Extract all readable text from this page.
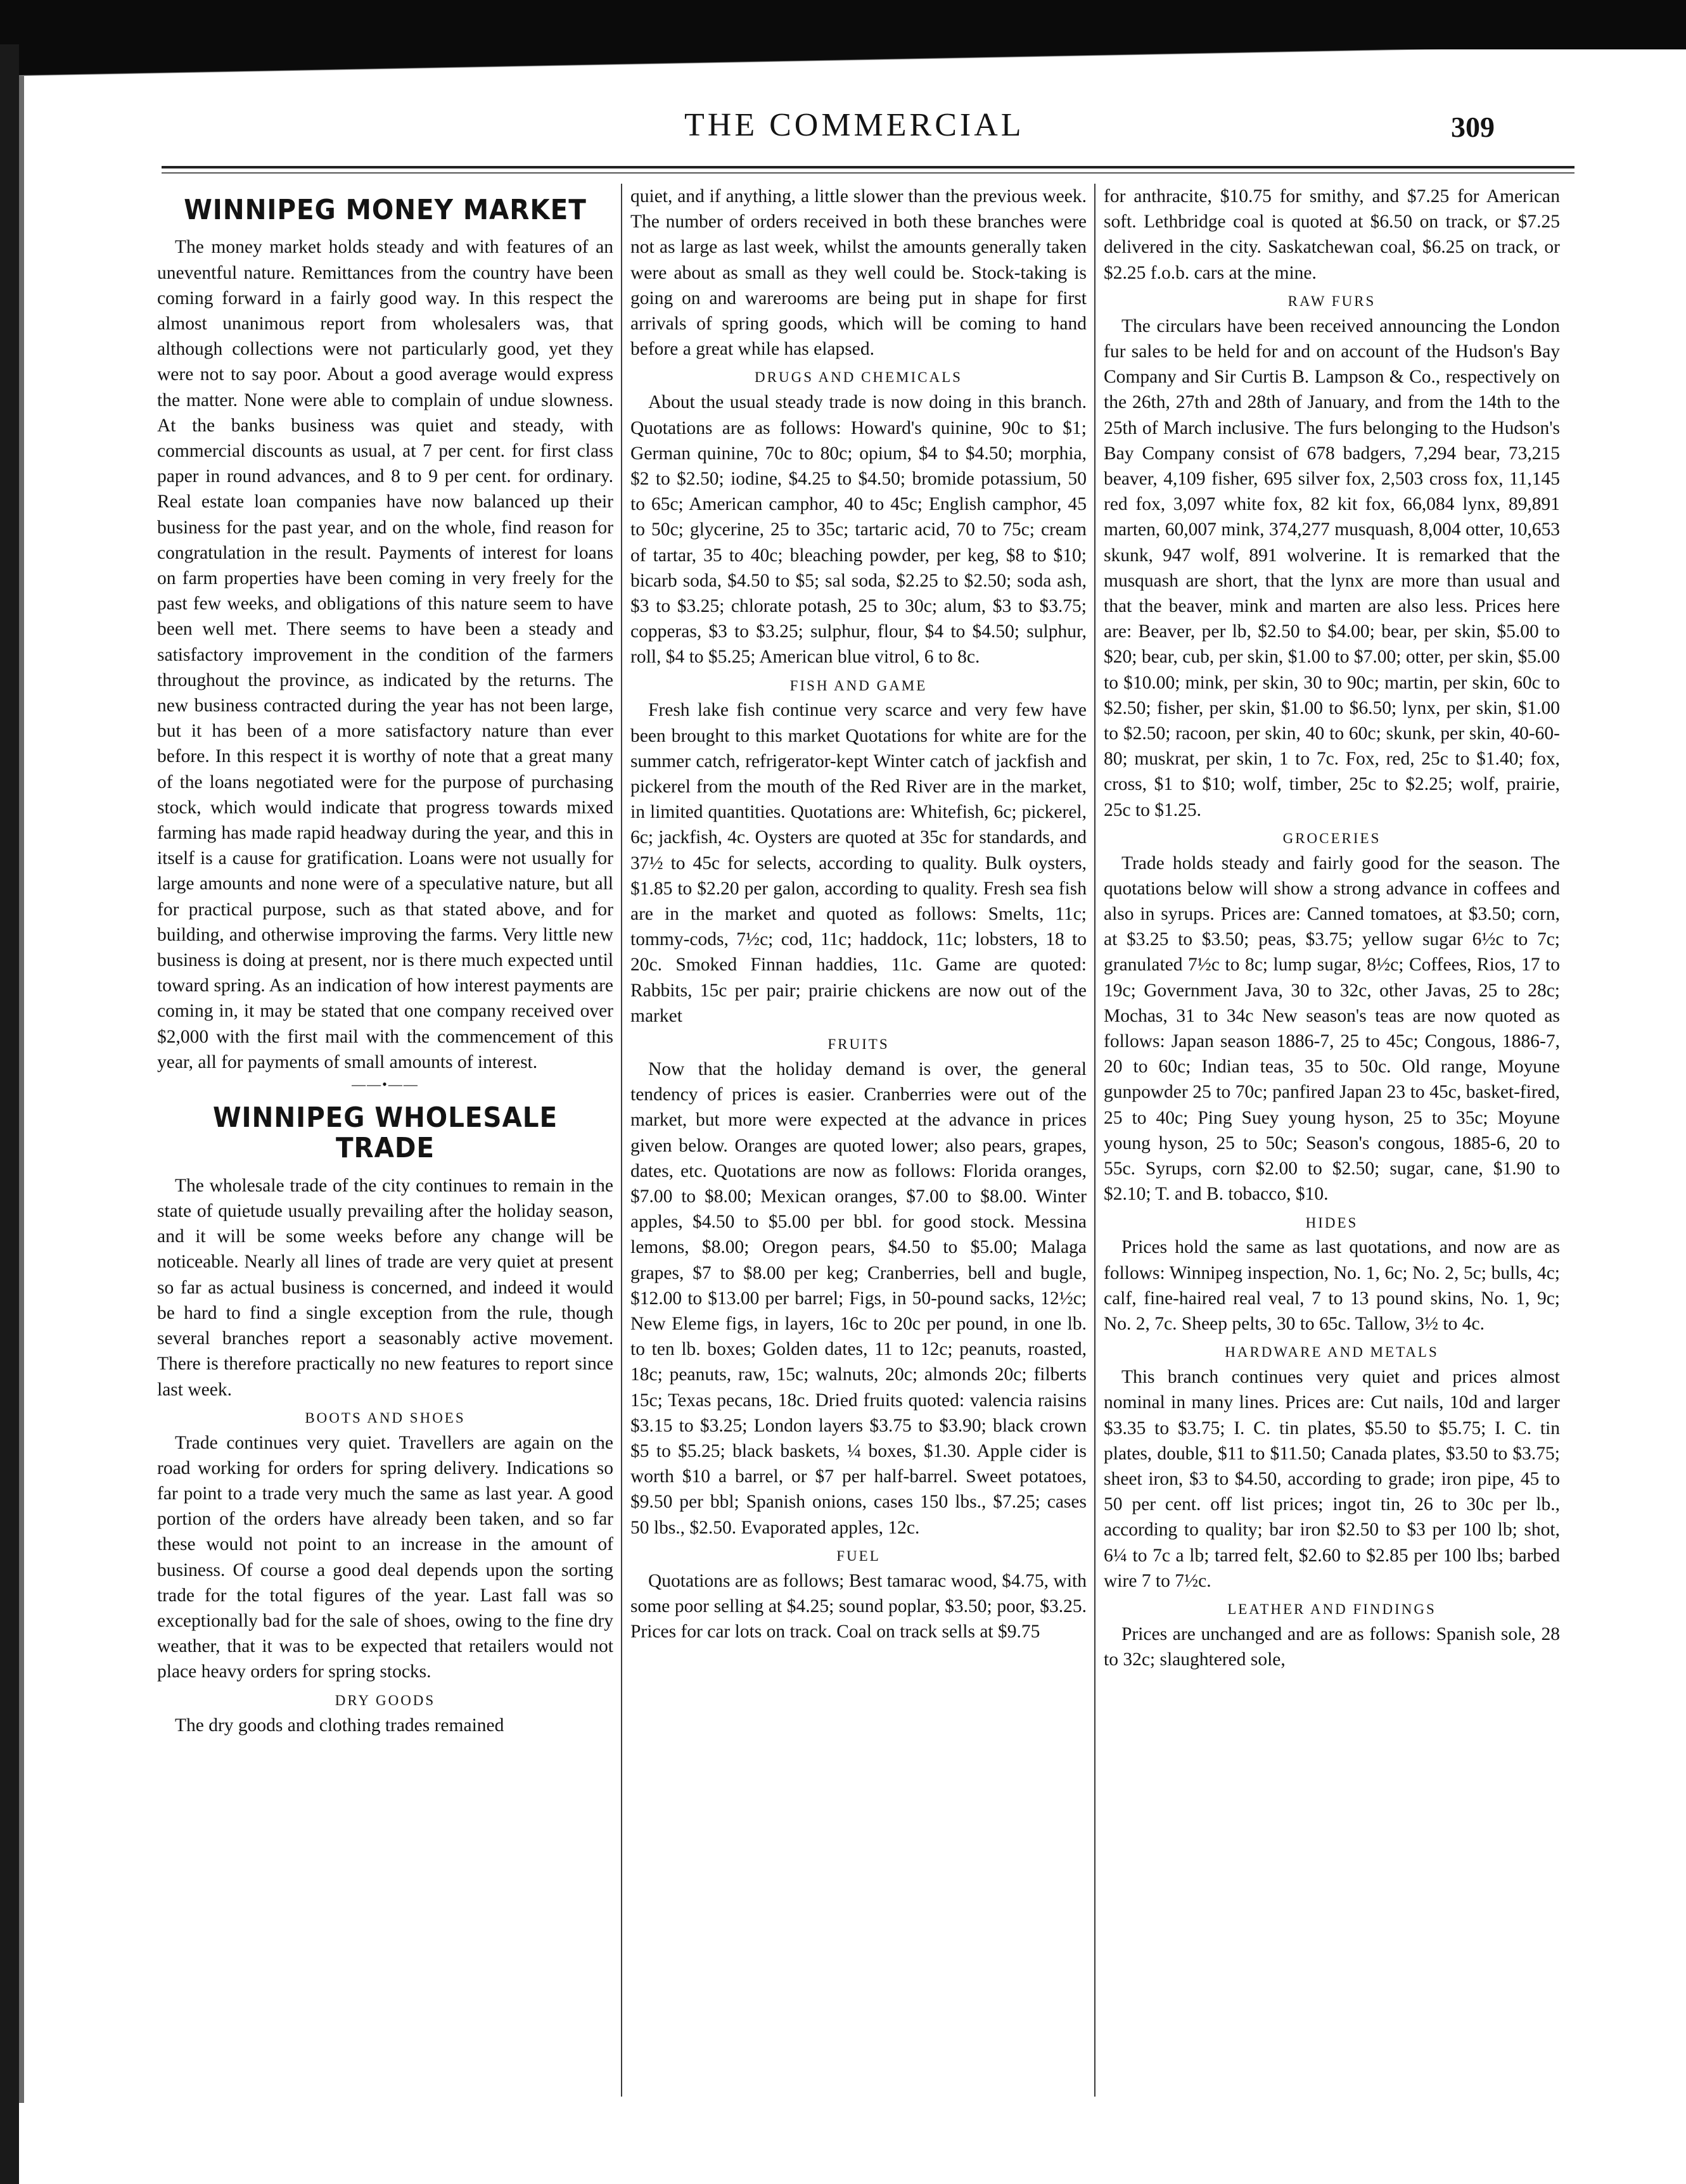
THE COMMERCIAL	309
WINNIPEG MONEY MARKET

The money market holds steady and with features of an uneventful nature. Remittances from the country have been coming forward in a fairly good way. In this respect the almost unanimous report from wholesalers was, that although collections were not particularly good, yet they were not to say poor. About a good average would express the matter. None were able to complain of undue slowness. At the banks business was quiet and steady, with commercial discounts as usual, at 7 per cent. for first class paper in round advances, and 8 to 9 per cent. for ordinary. Real estate loan companies have now balanced up their business for the past year, and on the whole, find reason for congratulation in the result. Payments of interest for loans on farm properties have been coming in very freely for the past few weeks, and obligations of this nature seem to have been well met. There seems to have been a steady and satisfactory improvement in the condition of the farmers throughout the province, as indicated by the returns. The new business contracted during the year has not been large, but it has been of a more satisfactory nature than ever before. In this respect it is worthy of note that a great many of the loans negotiated were for the purpose of purchasing stock, which would indicate that progress towards mixed farming has made rapid headway during the year, and this in itself is a cause for gratification. Loans were not usually for large amounts and none were of a speculative nature, but all for practical purpose, such as that stated above, and for building, and otherwise improving the farms. Very little new business is doing at present, nor is there much expected until toward spring. As an indication of how interest payments are coming in, it may be stated that one company received over $2,000 with the first mail with the commencement of this year, all for payments of small amounts of interest.

——•——
WINNIPEG WHOLESALE TRADE

The wholesale trade of the city continues to remain in the state of quietude usually prevailing after the holiday season, and it will be some weeks before any change will be noticeable. Nearly all lines of trade are very quiet at present so far as actual business is concerned, and indeed it would be hard to find a single exception from the rule, though several branches report a seasonably active movement. There is therefore practically no new features to report since last week.

BOOTS AND SHOES

Trade continues very quiet. Travellers are again on the road working for orders for spring delivery. Indications so far point to a trade very much the same as last year. A good portion of the orders have already been taken, and so far these would not point to an increase in the amount of business. Of course a good deal depends upon the sorting trade for the total figures of the year. Last fall was so exceptionally bad for the sale of shoes, owing to the fine dry weather, that it was to be expected that retailers would not place heavy orders for spring stocks.

DRY GOODS

The dry goods and clothing trades remained

quiet, and if anything, a little slower than the previous week. The number of orders received in both these branches were not as large as last week, whilst the amounts generally taken were about as small as they well could be. Stock-taking is going on and warerooms are being put in shape for first arrivals of spring goods, which will be coming to hand before a great while has elapsed.

DRUGS AND CHEMICALS

About the usual steady trade is now doing in this branch. Quotations are as follows: Howard's quinine, 90c to $1; German quinine, 70c to 80c; opium, $4 to $4.50; morphia, $2 to $2.50; iodine, $4.25 to $4.50; bromide potassium, 50 to 65c; American camphor, 40 to 45c; English camphor, 45 to 50c; glycerine, 25 to 35c; tartaric acid, 70 to 75c; cream of tartar, 35 to 40c; bleaching powder, per keg, $8 to $10; bicarb soda, $4.50 to $5; sal soda, $2.25 to $2.50; soda ash, $3 to $3.25; chlorate potash, 25 to 30c; alum, $3 to $3.75; copperas, $3 to $3.25; sulphur, flour, $4 to $4.50; sulphur, roll, $4 to $5.25; American blue vitrol, 6 to 8c.

FISH AND GAME

Fresh lake fish continue very scarce and very few have been brought to this market Quotations for white are for the summer catch, refrigerator-kept Winter catch of jackfish and pickerel from the mouth of the Red River are in the market, in limited quantities. Quotations are: Whitefish, 6c; pickerel, 6c; jackfish, 4c. Oysters are quoted at 35c for standards, and 37½ to 45c for selects, according to quality. Bulk oysters, $1.85 to $2.20 per galon, according to quality. Fresh sea fish are in the market and quoted as follows: Smelts, 11c; tommy-cods, 7½c; cod, 11c; haddock, 11c; lobsters, 18 to 20c. Smoked Finnan haddies, 11c. Game are quoted: Rabbits, 15c per pair; prairie chickens are now out of the market

FRUITS

Now that the holiday demand is over, the general tendency of prices is easier. Cranberries were out of the market, but more were expected at the advance in prices given below. Oranges are quoted lower; also pears, grapes, dates, etc. Quotations are now as follows: Florida oranges, $7.00 to $8.00; Mexican oranges, $7.00 to $8.00. Winter apples, $4.50 to $5.00 per bbl. for good stock. Messina lemons, $8.00; Oregon pears, $4.50 to $5.00; Malaga grapes, $7 to $8.00 per keg; Cranberries, bell and bugle, $12.00 to $13.00 per barrel; Figs, in 50-pound sacks, 12½c; New Eleme figs, in layers, 16c to 20c per pound, in one lb. to ten lb. boxes; Golden dates, 11 to 12c; peanuts, roasted, 18c; peanuts, raw, 15c; walnuts, 20c; almonds 20c; filberts 15c; Texas pecans, 18c. Dried fruits quoted: valencia raisins $3.15 to $3.25; London layers $3.75 to $3.90; black crown $5 to $5.25; black baskets, ¼ boxes, $1.30. Apple cider is worth $10 a barrel, or $7 per half-barrel. Sweet potatoes, $9.50 per bbl; Spanish onions, cases 150 lbs., $7.25; cases 50 lbs., $2.50. Evaporated apples, 12c.

FUEL

Quotations are as follows; Best tamarac wood, $4.75, with some poor selling at $4.25; sound poplar, $3.50; poor, $3.25. Prices for car lots on track. Coal on track sells at $9.75

for anthracite, $10.75 for smithy, and $7.25 for American soft. Lethbridge coal is quoted at $6.50 on track, or $7.25 delivered in the city. Saskatchewan coal, $6.25 on track, or $2.25 f.o.b. cars at the mine.

RAW FURS

The circulars have been received announcing the London fur sales to be held for and on account of the Hudson's Bay Company and Sir Curtis B. Lampson & Co., respectively on the 26th, 27th and 28th of January, and from the 14th to the 25th of March inclusive. The furs belonging to the Hudson's Bay Company consist of 678 badgers, 7,294 bear, 73,215 beaver, 4,109 fisher, 695 silver fox, 2,503 cross fox, 11,145 red fox, 3,097 white fox, 82 kit fox, 66,084 lynx, 89,891 marten, 60,007 mink, 374,277 musquash, 8,004 otter, 10,653 skunk, 947 wolf, 891 wolverine. It is remarked that the musquash are short, that the lynx are more than usual and that the beaver, mink and marten are also less. Prices here are: Beaver, per lb, $2.50 to $4.00; bear, per skin, $5.00 to $20; bear, cub, per skin, $1.00 to $7.00; otter, per skin, $5.00 to $10.00; mink, per skin, 30 to 90c; martin, per skin, 60c to $2.50; fisher, per skin, $1.00 to $6.50; lynx, per skin, $1.00 to $2.50; racoon, per skin, 40 to 60c; skunk, per skin, 40-60-80; muskrat, per skin, 1 to 7c. Fox, red, 25c to $1.40; fox, cross, $1 to $10; wolf, timber, 25c to $2.25; wolf, prairie, 25c to $1.25.

GROCERIES

Trade holds steady and fairly good for the season. The quotations below will show a strong advance in coffees and also in syrups. Prices are: Canned tomatoes, at $3.50; corn, at $3.25 to $3.50; peas, $3.75; yellow sugar 6½c to 7c; granulated 7½c to 8c; lump sugar, 8½c; Coffees, Rios, 17 to 19c; Government Java, 30 to 32c, other Javas, 25 to 28c; Mochas, 31 to 34c New season's teas are now quoted as follows: Japan season 1886-7, 25 to 45c; Congous, 1886-7, 20 to 60c; Indian teas, 35 to 50c. Old range, Moyune gunpowder 25 to 70c; panfired Japan 23 to 45c, basket-fired, 25 to 40c; Ping Suey young hyson, 25 to 35c; Moyune young hyson, 25 to 50c; Season's congous, 1885-6, 20 to 55c. Syrups, corn $2.00 to $2.50; sugar, cane, $1.90 to $2.10; T. and B. tobacco, $10.

HIDES

Prices hold the same as last quotations, and now are as follows: Winnipeg inspection, No. 1, 6c; No. 2, 5c; bulls, 4c; calf, fine-haired real veal, 7 to 13 pound skins, No. 1, 9c; No. 2, 7c. Sheep pelts, 30 to 65c. Tallow, 3½ to 4c.

HARDWARE AND METALS

This branch continues very quiet and prices almost nominal in many lines. Prices are: Cut nails, 10d and larger $3.35 to $3.75; I. C. tin plates, $5.50 to $5.75; I. C. tin plates, double, $11 to $11.50; Canada plates, $3.50 to $3.75; sheet iron, $3 to $4.50, according to grade; iron pipe, 45 to 50 per cent. off list prices; ingot tin, 26 to 30c per lb., according to quality; bar iron $2.50 to $3 per 100 lb; shot, 6¼ to 7c a lb; tarred felt, $2.60 to $2.85 per 100 lbs; barbed wire 7 to 7½c.

LEATHER AND FINDINGS

Prices are unchanged and are as follows: Spanish sole, 28 to 32c; slaughtered sole,
